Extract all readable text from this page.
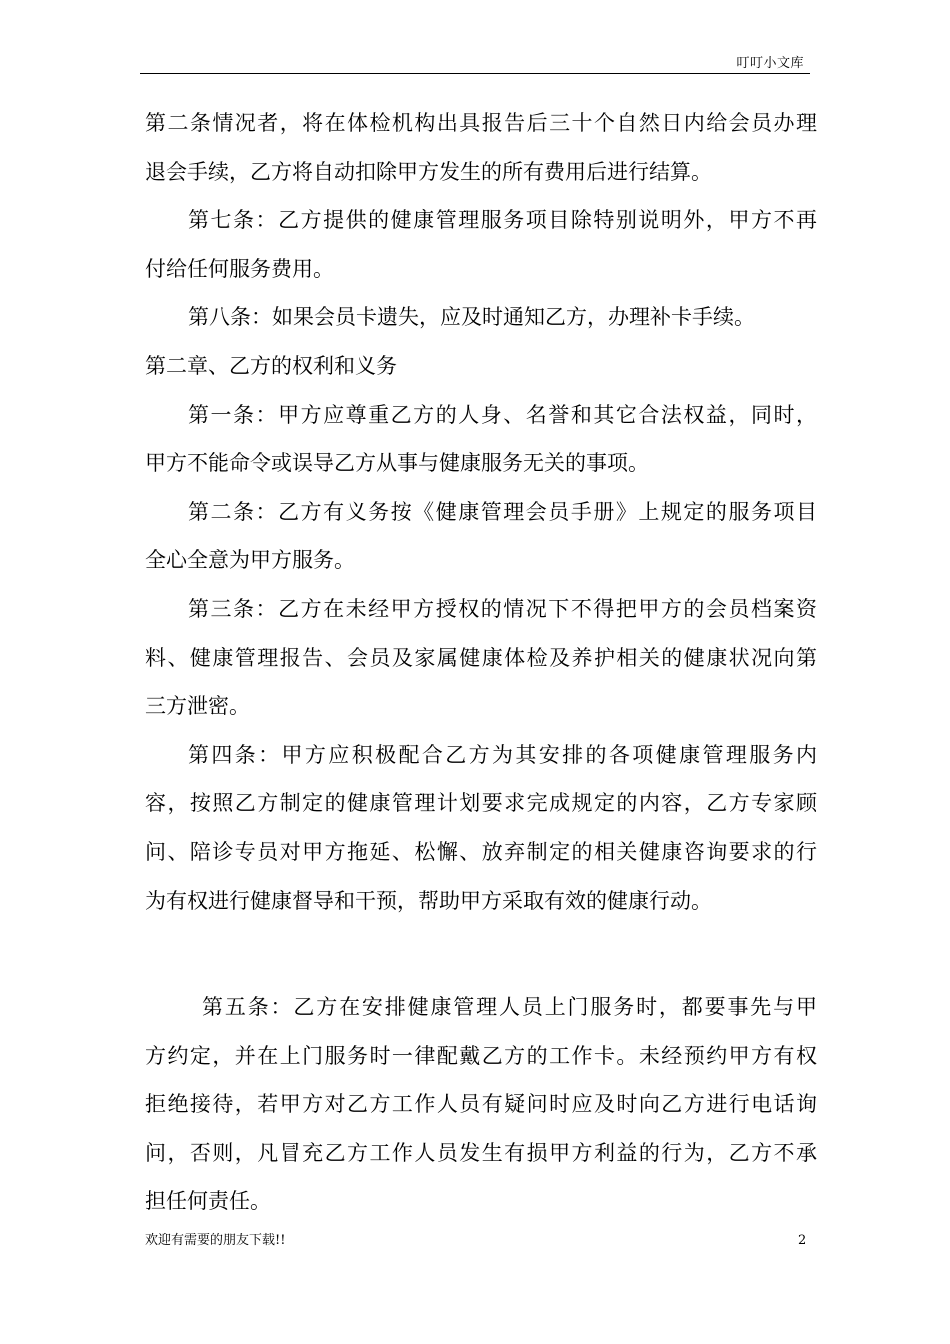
叮叮小文库
第二条情况者，将在体检机构出具报告后三十个自然日内给会员办理
退会手续，乙方将自动扣除甲方发生的所有费用后进行结算。
第七条：乙方提供的健康管理服务项目除特别说明外，甲方不再
付给任何服务费用。
第八条：如果会员卡遗失，应及时通知乙方，办理补卡手续。
第二章、乙方的权利和义务
第一条：甲方应尊重乙方的人身、名誉和其它合法权益，同时，
甲方不能命令或误导乙方从事与健康服务无关的事项。
第二条：乙方有义务按《健康管理会员手册》上规定的服务项目
全心全意为甲方服务。
第三条：乙方在未经甲方授权的情况下不得把甲方的会员档案资
料、健康管理报告、会员及家属健康体检及养护相关的健康状况向第
三方泄密。
第四条：甲方应积极配合乙方为其安排的各项健康管理服务内
容，按照乙方制定的健康管理计划要求完成规定的内容，乙方专家顾
问、陪诊专员对甲方拖延、松懈、放弃制定的相关健康咨询要求的行
为有权进行健康督导和干预，帮助甲方采取有效的健康行动。
第五条：乙方在安排健康管理人员上门服务时，都要事先与甲
方约定，并在上门服务时一律配戴乙方的工作卡。未经预约甲方有权
拒绝接待，若甲方对乙方工作人员有疑问时应及时向乙方进行电话询
问，否则，凡冒充乙方工作人员发生有损甲方利益的行为，乙方不承
担任何责任。
欢迎有需要的朋友下载!!	2
